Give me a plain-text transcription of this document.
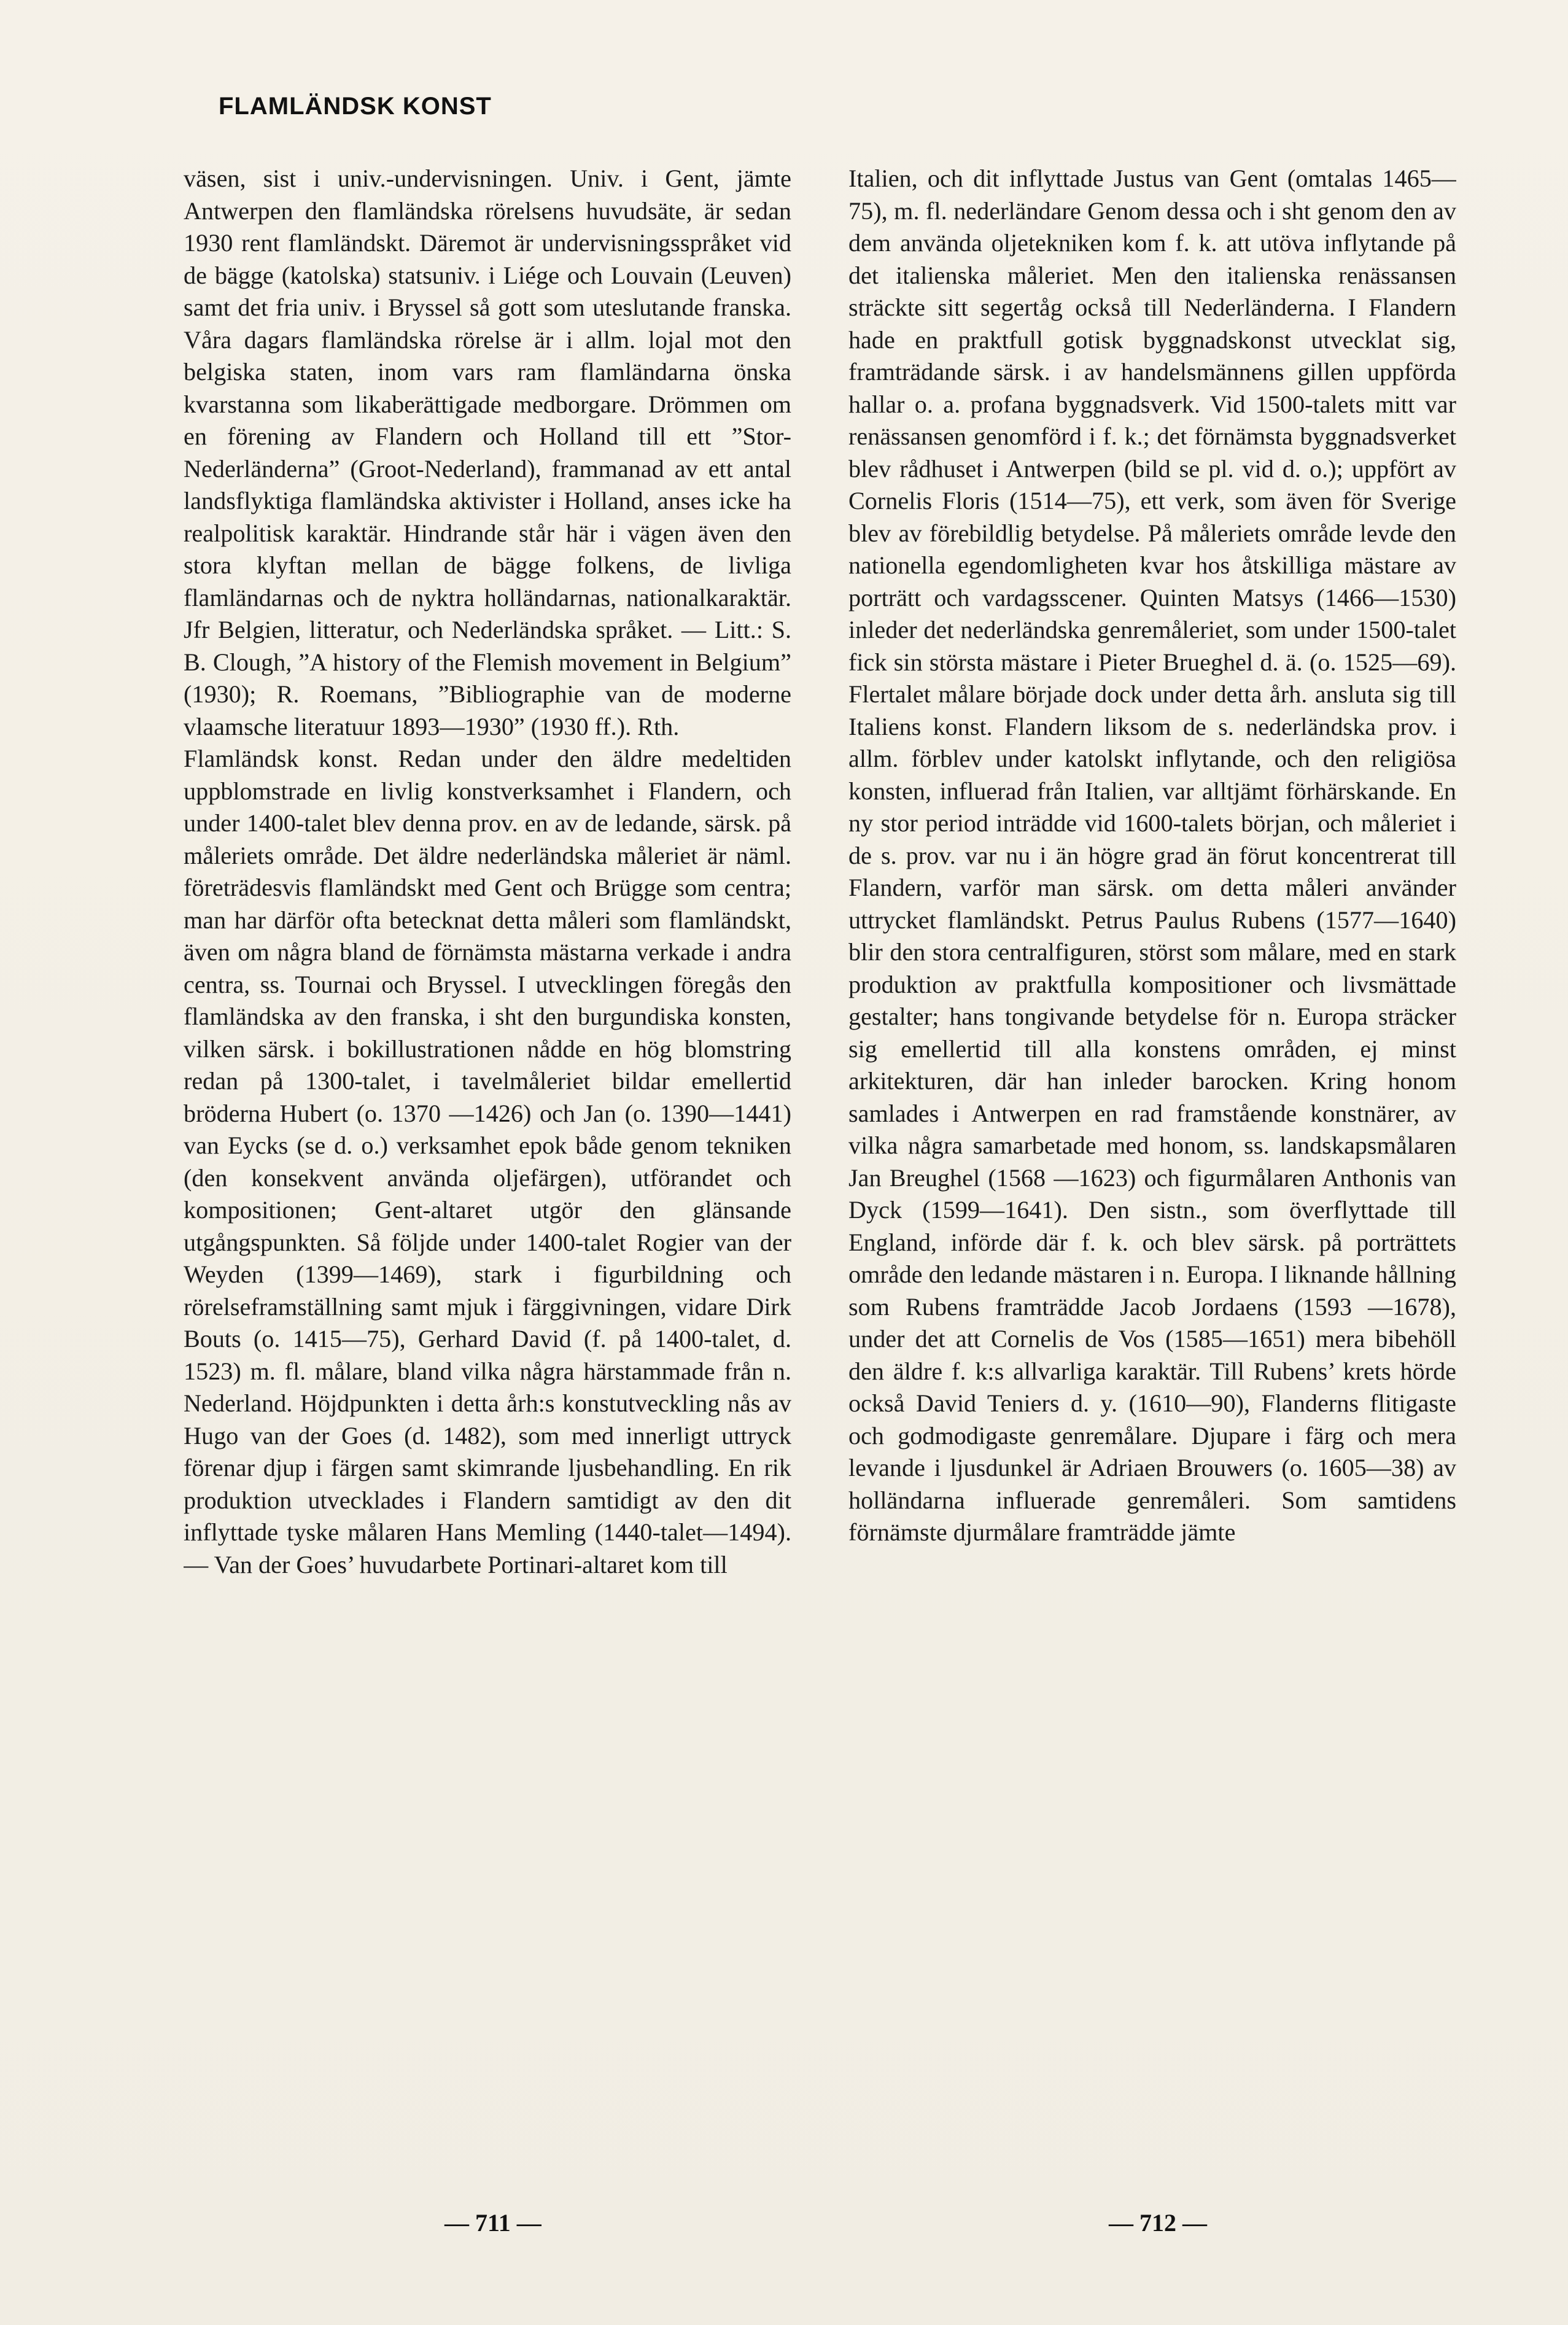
FLAMLÄNDSK KONST

väsen, sist i univ.-undervisningen. Univ. i Gent, jämte Antwerpen den flamländska rörelsens huvudsäte, är sedan 1930 rent flamländskt. Däremot är undervisningsspråket vid de bägge (katolska) statsuniv. i Liége och Louvain (Leuven) samt det fria univ. i Bryssel så gott som uteslutande franska. Våra dagars flamländska rörelse är i allm. lojal mot den belgiska staten, inom vars ram flamländarna önska kvarstanna som likaberättigade medborgare. Drömmen om en förening av Flandern och Holland till ett ”Stor-Nederländerna” (Groot-Nederland), frammanad av ett antal landsflyktiga flamländska aktivister i Holland, anses icke ha realpolitisk karaktär. Hindrande står här i vägen även den stora klyftan mellan de bägge folkens, de livliga flamländarnas och de nyktra holländarnas, nationalkaraktär. Jfr Belgien, litteratur, och Nederländska språket. — Litt.: S. B. Clough, ”A history of the Flemish movement in Belgium” (1930); R. Roemans, ”Bibliographie van de moderne vlaamsche literatuur 1893—1930” (1930 ff.). Rth.

Flamländsk konst. Redan under den äldre medeltiden uppblomstrade en livlig konstverksamhet i Flandern, och under 1400-talet blev denna prov. en av de ledande, särsk. på måleriets område. Det äldre nederländska måleriet är näml. företrädesvis flamländskt med Gent och Brügge som centra; man har därför ofta betecknat detta måleri som flamländskt, även om några bland de förnämsta mästarna verkade i andra centra, ss. Tournai och Bryssel. I utvecklingen föregås den flamländska av den franska, i sht den burgundiska konsten, vilken särsk. i bokillustrationen nådde en hög blomstring redan på 1300-talet, i tavelmåleriet bildar emellertid bröderna Hubert (o. 1370 —1426) och Jan (o. 1390—1441) van Eycks (se d. o.) verksamhet epok både genom tekniken (den konsekvent använda oljefärgen), utförandet och kompositionen; Gent-altaret utgör den glänsande utgångspunkten. Så följde under 1400-talet Rogier van der Weyden (1399—1469), stark i figurbildning och rörelseframställning samt mjuk i färggivningen, vidare Dirk Bouts (o. 1415—75), Gerhard David (f. på 1400-talet, d. 1523) m. fl. målare, bland vilka några härstammade från n. Nederland. Höjdpunkten i detta årh:s konstutveckling nås av Hugo van der Goes (d. 1482), som med innerligt uttryck förenar djup i färgen samt skimrande ljusbehandling. En rik produktion utvecklades i Flandern samtidigt av den dit inflyttade tyske målaren Hans Memling (1440-talet—1494). — Van der Goes’ huvudarbete Portinari-altaret kom till

Italien, och dit inflyttade Justus van Gent (omtalas 1465—75), m. fl. nederländare Genom dessa och i sht genom den av dem använda oljetekniken kom f. k. att utöva inflytande på det italienska måleriet. Men den italienska renässansen sträckte sitt segertåg också till Nederländerna. I Flandern hade en praktfull gotisk byggnadskonst utvecklat sig, framträdande särsk. i av handelsmännens gillen uppförda hallar o. a. profana byggnadsverk. Vid 1500-talets mitt var renässansen genomförd i f. k.; det förnämsta byggnadsverket blev rådhuset i Antwerpen (bild se pl. vid d. o.); uppfört av Cornelis Floris (1514—75), ett verk, som även för Sverige blev av förebildlig betydelse. På måleriets område levde den nationella egendomligheten kvar hos åtskilliga mästare av porträtt och vardagsscener. Quinten Matsys (1466—1530) inleder det nederländska genremåleriet, som under 1500-talet fick sin största mästare i Pieter Brueghel d. ä. (o. 1525—69). Flertalet målare började dock under detta årh. ansluta sig till Italiens konst. Flandern liksom de s. nederländska prov. i allm. förblev under katolskt inflytande, och den religiösa konsten, influerad från Italien, var alltjämt förhärskande. En ny stor period inträdde vid 1600-talets början, och måleriet i de s. prov. var nu i än högre grad än förut koncentrerat till Flandern, varför man särsk. om detta måleri använder uttrycket flamländskt. Petrus Paulus Rubens (1577—1640) blir den stora centralfiguren, störst som målare, med en stark produktion av praktfulla kompositioner och livsmättade gestalter; hans tongivande betydelse för n. Europa sträcker sig emellertid till alla konstens områden, ej minst arkitekturen, där han inleder barocken. Kring honom samlades i Antwerpen en rad framstående konstnärer, av vilka några samarbetade med honom, ss. landskapsmålaren Jan Breughel (1568 —1623) och figurmålaren Anthonis van Dyck (1599—1641). Den sistn., som överflyttade till England, införde där f. k. och blev särsk. på porträttets område den ledande mästaren i n. Europa. I liknande hållning som Rubens framträdde Jacob Jordaens (1593 —1678), under det att Cornelis de Vos (1585—1651) mera bibehöll den äldre f. k:s allvarliga karaktär. Till Rubens’ krets hörde också David Teniers d. y. (1610—90), Flanderns flitigaste och godmodigaste genremålare. Djupare i färg och mera levande i ljusdunkel är Adriaen Brouwers (o. 1605—38) av holländarna influerade genremåleri. Som samtidens förnämste djurmålare framträdde jämte

— 711 —	— 712 —
